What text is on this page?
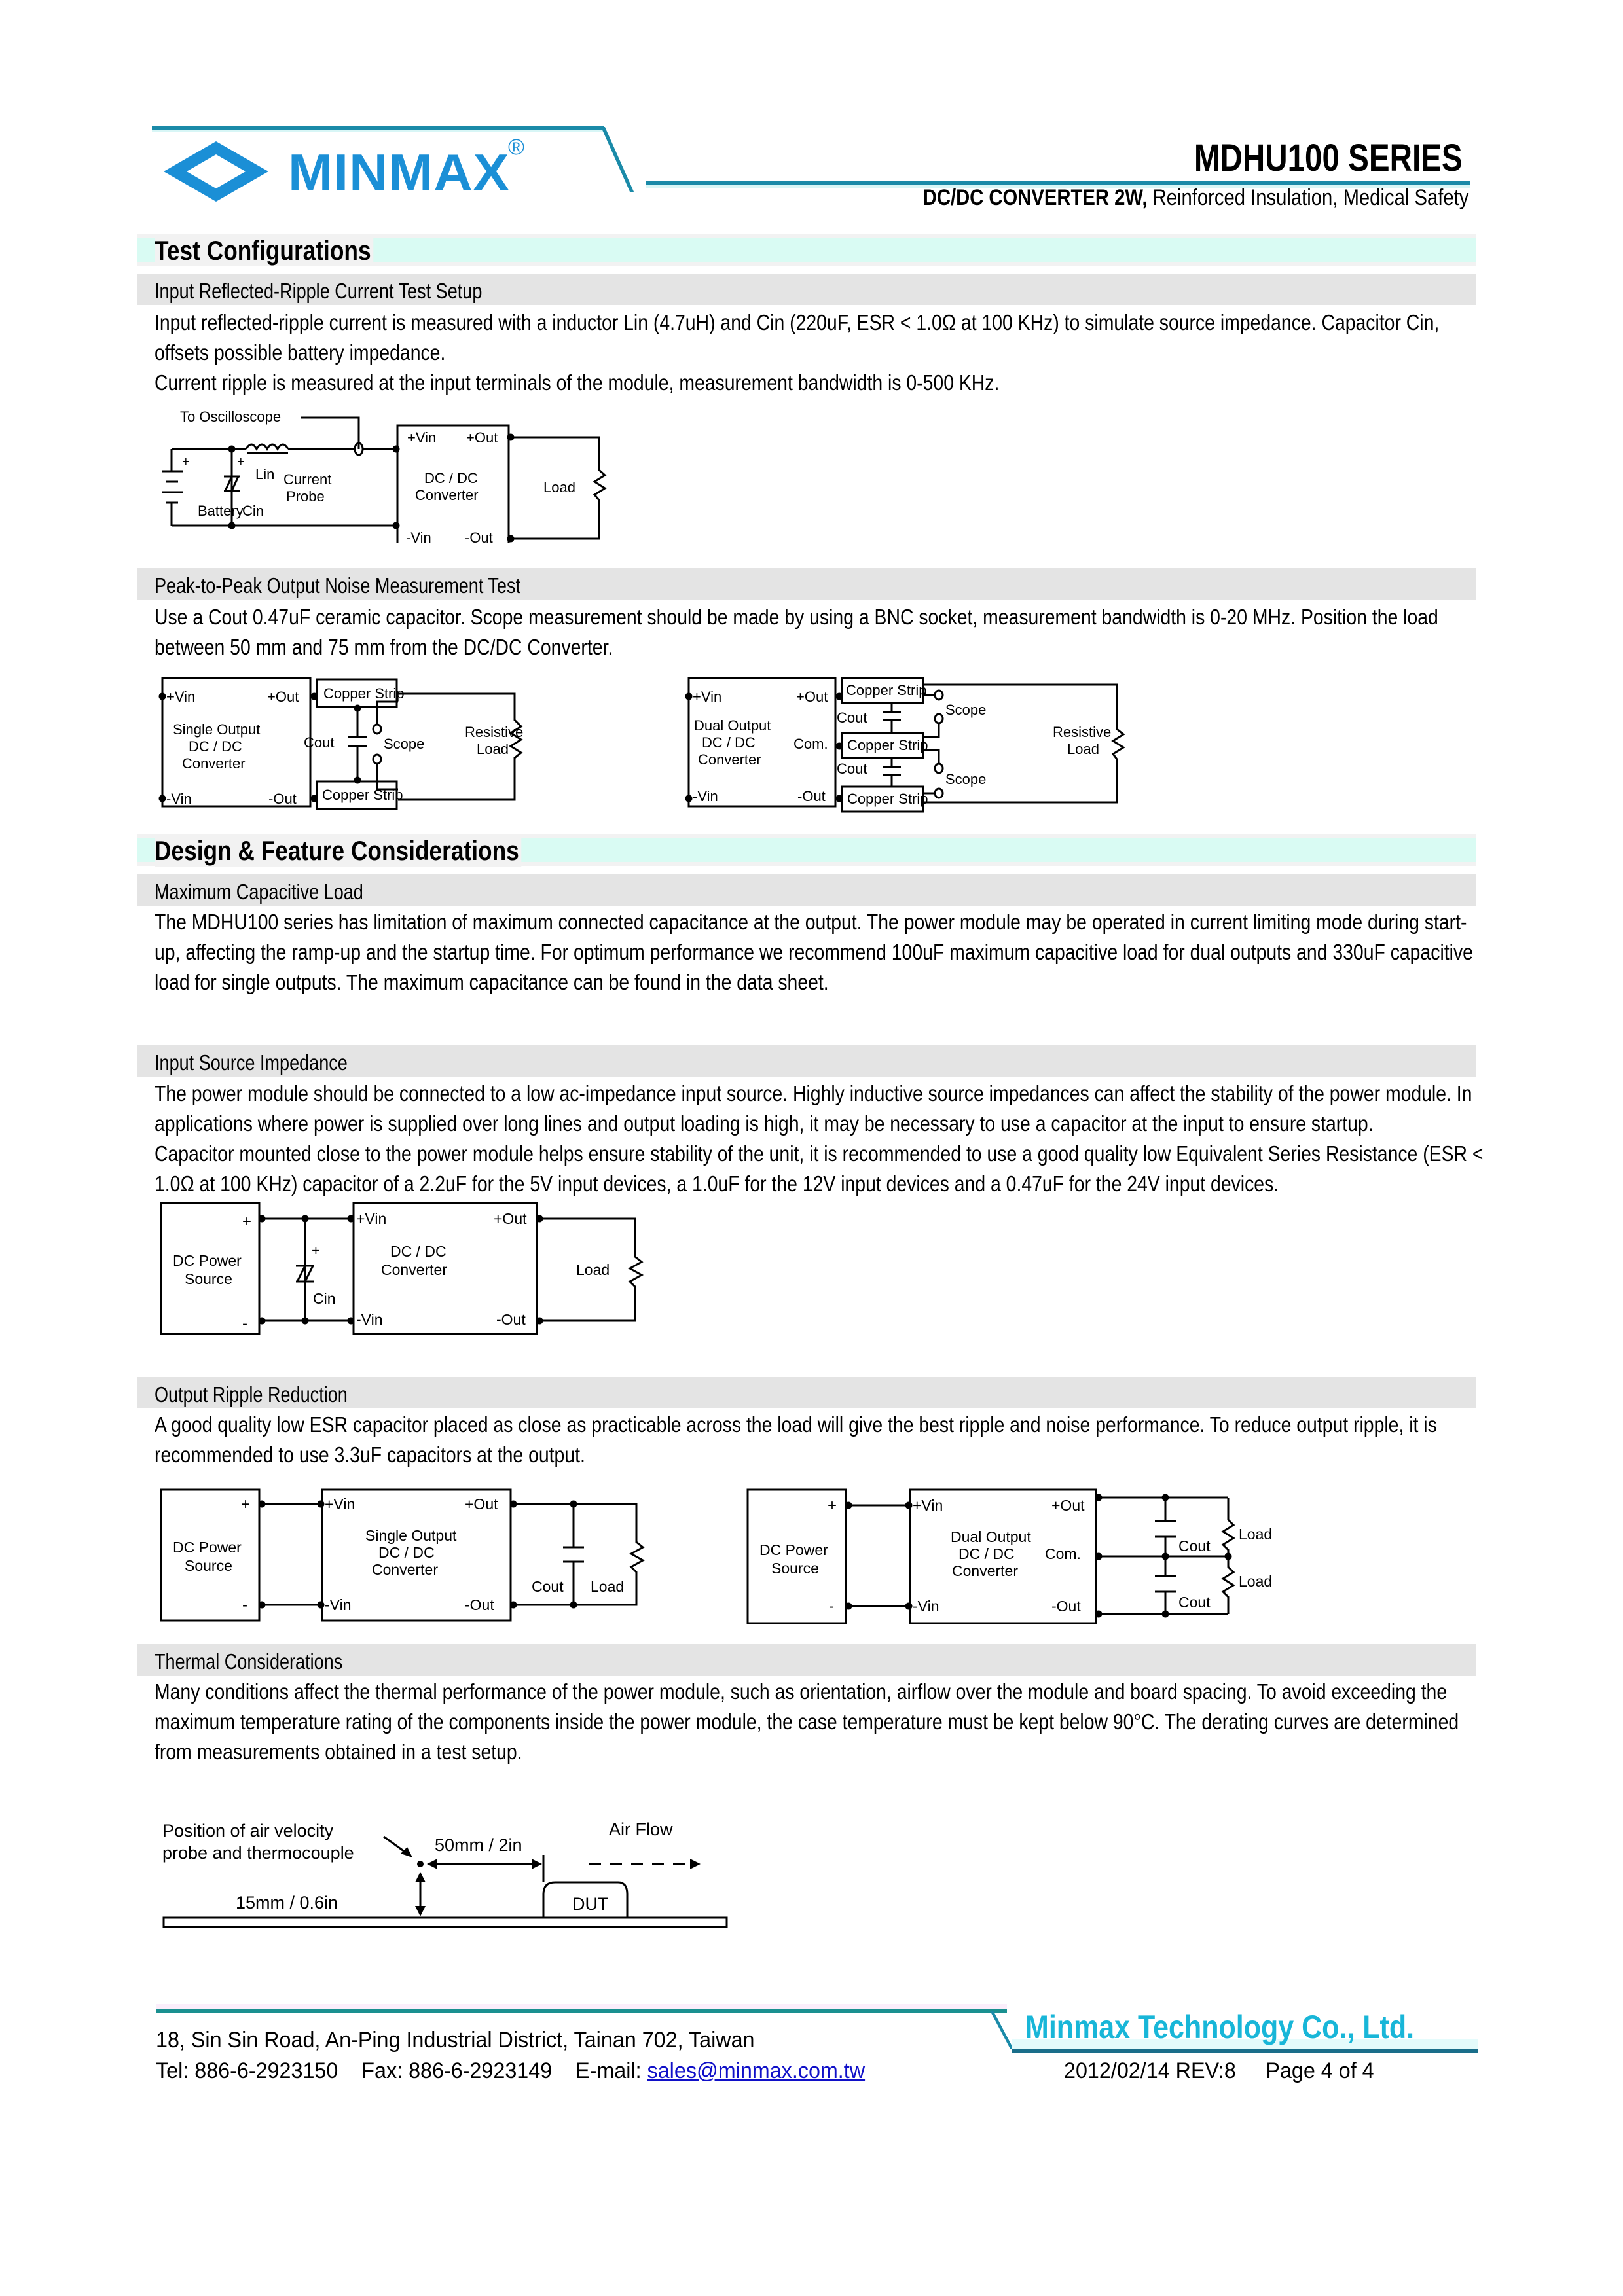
MINMAX
®	MDHU100 SERIES
DC/DC CONVERTER 2W, Reinforced Insulation, Medical Safety
Test Configurations
Input Reflected-Ripple Current Test Setup

Input reflected-ripple current is measured with a inductor Lin (4.7uH) and Cin (220uF, ESR < 1.0Ω at 100 KHz) to simulate source impedance. Capacitor Cin, offsets possible battery impedance.

Current ripple is measured at the input terminals of the module, measurement bandwidth is 0-500 KHz.

To Oscilloscope
+
Battery
+
Cin
Lin Current
Probe
+Vin +Out
DC / DC
Converter
-Vin -Out
Load
Peak-to-Peak Output Noise Measurement Test

Use a Cout 0.47uF ceramic capacitor. Scope measurement should be made by using a BNC socket, measurement bandwidth is 0-20 MHz. Position the load between 50 mm and 75 mm from the DC/DC Converter.

+Vin	+Out
Single Output
DC / DC
Converter
-Vin	-Out
Copper Strip
Copper Strip
Cout	Scope
Resistive
Load
+Vin	+Out
Dual Output
DC / DC
Converter
Com.
-Vin	-Out
Copper Strip
Copper Strip
Copper Strip
Cout
Cout
Scope
Scope
Resistive
Load
Design & Feature Considerations
Maximum Capacitive Load

The MDHU100 series has limitation of maximum connected capacitance at the output. The power module may be operated in current limiting mode during start-up, affecting the ramp-up and the startup time. For optimum performance we recommend 100uF maximum capacitive load for dual outputs and 330uF capacitive load for single outputs. The maximum capacitance can be found in the data sheet.

Input Source Impedance

The power module should be connected to a low ac-impedance input source. Highly inductive source impedances can affect the stability of the power module. In applications where power is supplied over long lines and output loading is high, it may be necessary to use a capacitor at the input to ensure startup.

Capacitor mounted close to the power module helps ensure stability of the unit, it is recommended to use a good quality low Equivalent Series Resistance (ESR < 1.0Ω at 100 KHz) capacitor of a 2.2uF for the 5V input devices, a 1.0uF for the 12V input devices and a 0.47uF for the 24V input devices.

+
-
DC Power
Source
+
Cin
+Vin	+Out
DC / DC
Converter
-Vin	-Out
Load
Output Ripple Reduction

A good quality low ESR capacitor placed as close as practicable across the load will give the best ripple and noise performance. To reduce output ripple, it is recommended to use 3.3uF capacitors at the output.

+
-
DC Power
Source
+Vin	+Out
Single Output
DC / DC
Converter
-Vin	-Out
Cout Load
+
-
DC Power
Source
+Vin	+Out
Dual Output
DC / DC
Converter
Com.
-Vin	-Out
Cout
Cout
Load
Load
Thermal Considerations

Many conditions affect the thermal performance of the power module, such as orientation, airflow over the module and board spacing. To avoid exceeding the maximum temperature rating of the components inside the power module, the case temperature must be kept below 90°C. The derating curves are determined from measurements obtained in a test setup.

Position of air velocity
probe and thermocouple	50mm / 2in
Air Flow
15mm / 0.6in	DUT
Minmax Technology Co., Ltd.
18, Sin Sin Road, An-Ping Industrial District, Tainan 702, Taiwan
Tel: 886-6-2923150 Fax: 886-6-2923149 E-mail: sales@minmax.com.tw	2012/02/14 REV:8 Page 4 of 4
